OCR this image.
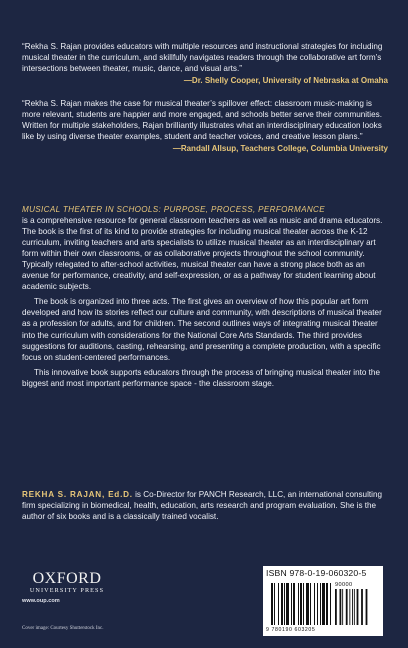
“Rekha S. Rajan provides educators with multiple resources and instructional strategies for including musical theater in the curriculum, and skillfully navigates readers through the collaborative art form’s intersections between theater, music, dance, and visual arts.”

—Dr. Shelly Cooper, University of Nebraska at Omaha

“Rekha S. Rajan makes the case for musical theater’s spillover effect: classroom music-making is more relevant, students are happier and more engaged, and schools better serve their communities. Written for multiple stakeholders, Rajan brilliantly illustrates what an interdisciplinary education looks like by using diverse theater examples, student and teacher voices, and creative lesson plans.”

—Randall Allsup, Teachers College, Columbia University
MUSICAL THEATER IN SCHOOLS: PURPOSE, PROCESS, PERFORMANCE

is a comprehensive resource for general classroom teachers as well as music and drama educators. The book is the first of its kind to provide strategies for including musical theater across the K-12 curriculum, inviting teachers and arts specialists to utilize musical theater as an interdisciplinary art form within their own classrooms, or as collaborative projects throughout the school community. Typically relegated to after-school activities, musical theater can have a strong place both as an avenue for performance, creativity, and self-expression, or as a pathway for student learning about academic subjects.

The book is organized into three acts. The first gives an overview of how this popular art form developed and how its stories reflect our culture and community, with descriptions of musical theater as a profession for adults, and for children. The second outlines ways of integrating musical theater into the curriculum with considerations for the National Core Arts Standards. The third provides suggestions for auditions, casting, rehearsing, and presenting a complete production, with a specific focus on student-centered performances.

This innovative book supports educators through the process of bringing musical theater into the biggest and most important performance space - the classroom stage.

REKHA S. RAJAN, Ed.D. is Co-Director for PANCH Research, LLC, an international consulting firm specializing in biomedical, health, education, arts research and program evaluation. She is the author of six books and is a classically trained vocalist.
OXFORD
UNIVERSITY PRESS
www.oup.com
Cover image: Courtesy Shutterstock Inc.
ISBN 978-0-19-060320-5
90000
9 780190 603205
